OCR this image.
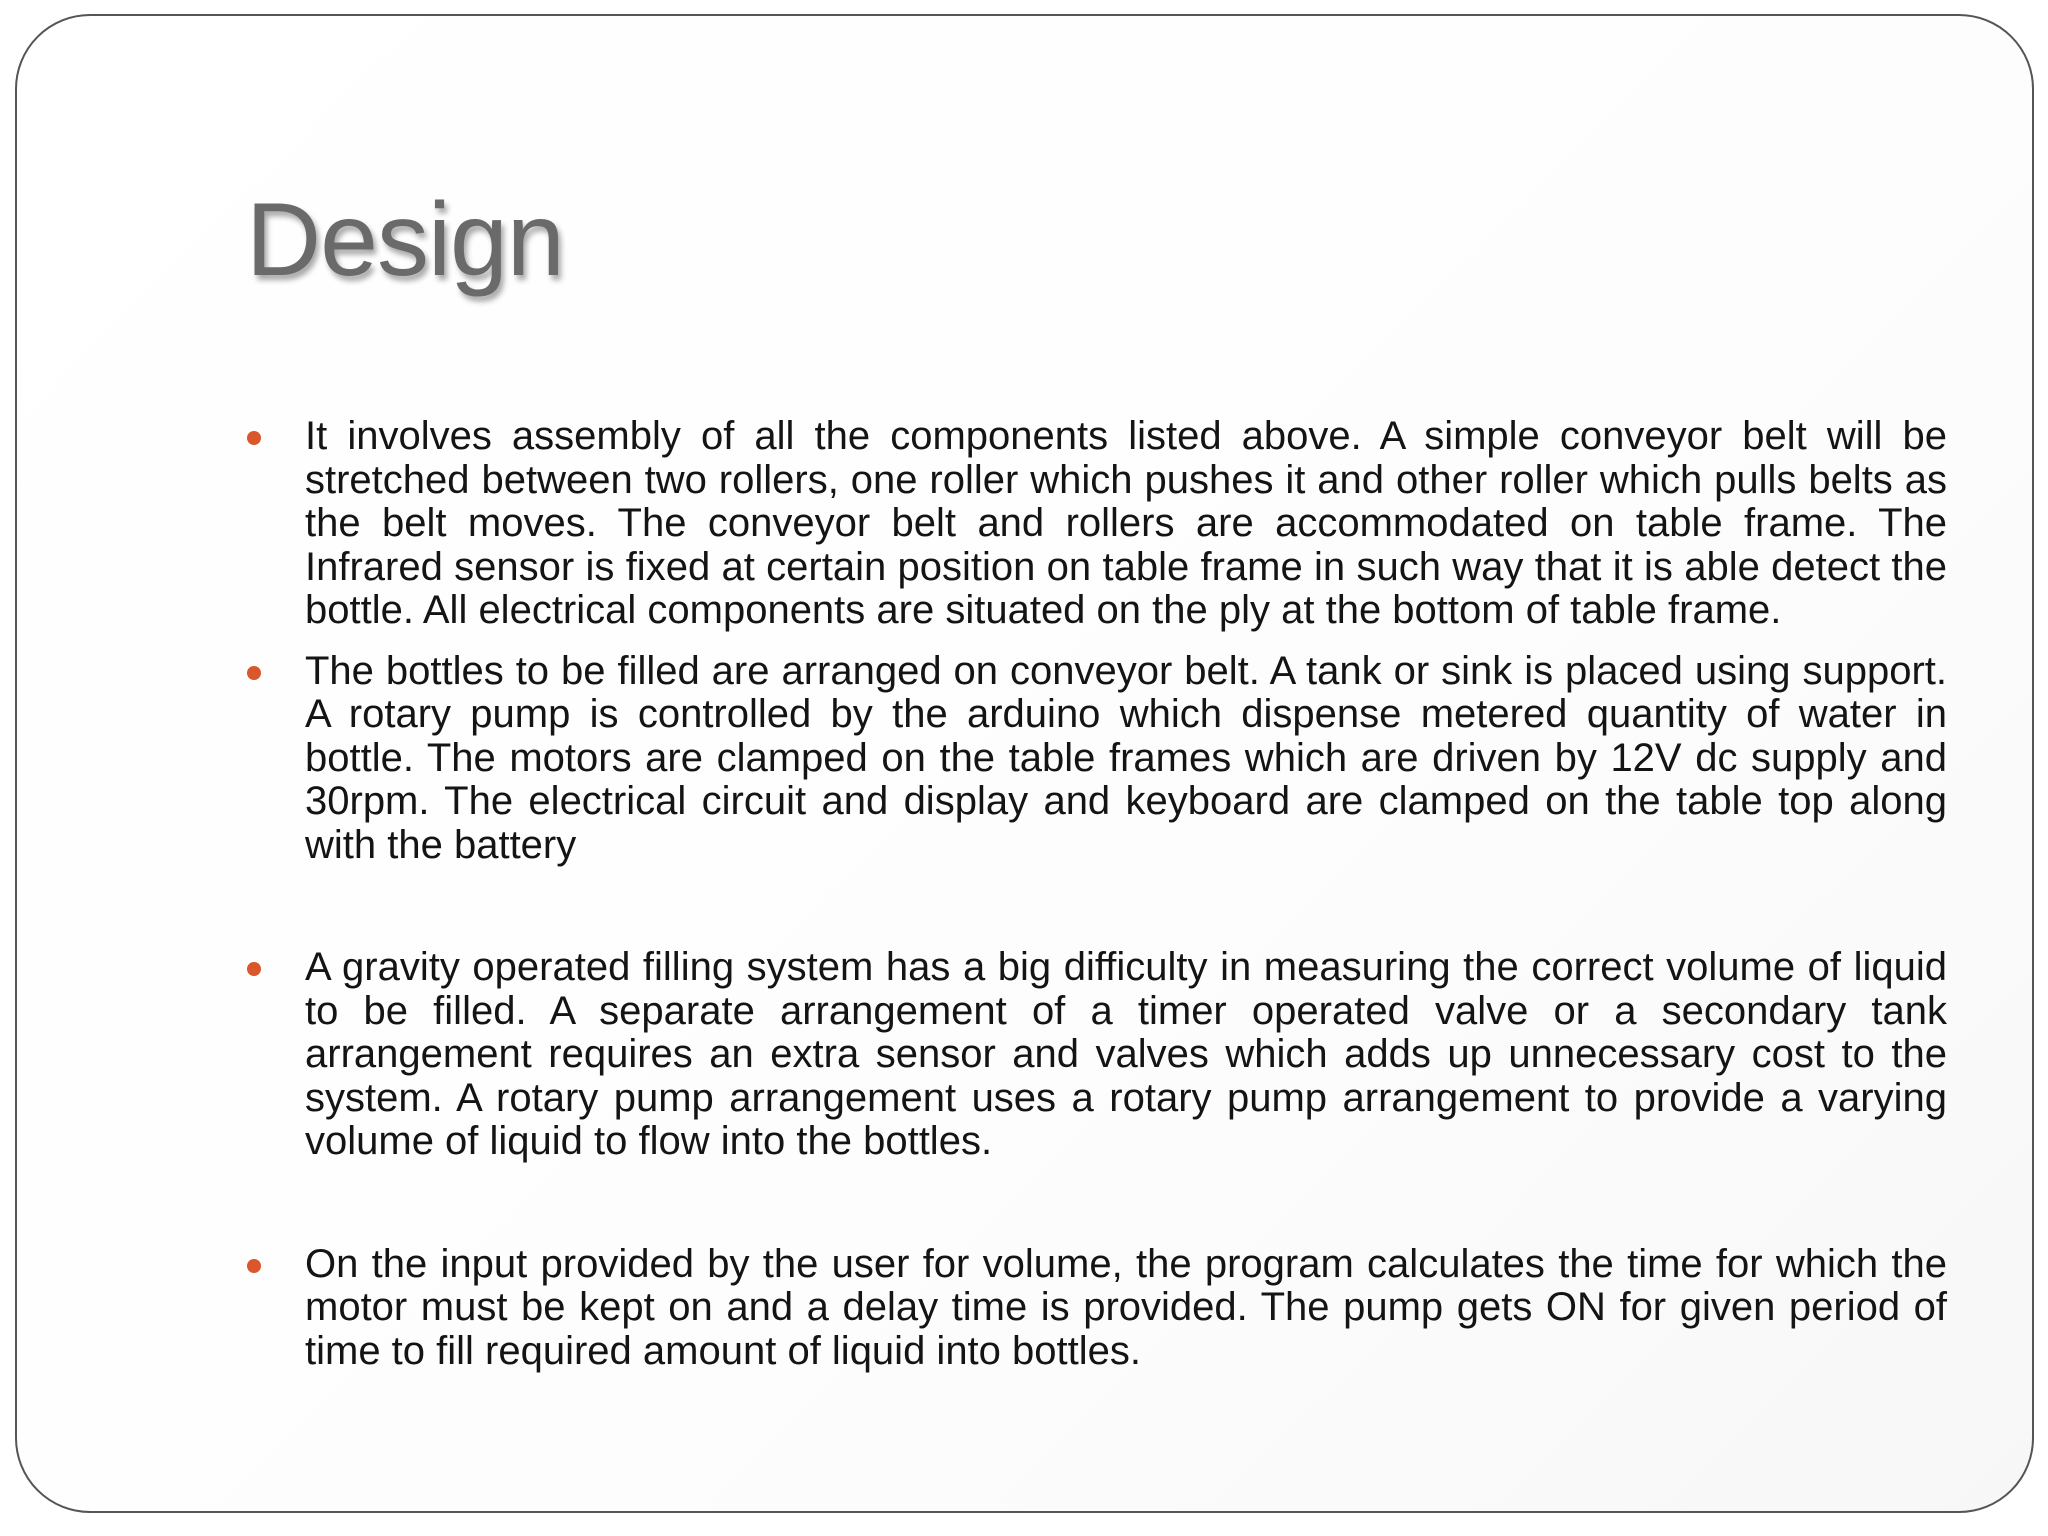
Design
It involves assembly of all the components listed above. A simple conveyor belt will be stretched between two rollers, one roller which pushes it and other roller which pulls belts as the belt moves. The conveyor belt and rollers are accommodated on table frame. The Infrared sensor is fixed at certain position on table frame in such way that it is able detect the bottle. All electrical components are situated on the ply at the bottom of table frame.
The bottles to be filled are arranged on conveyor belt. A tank or sink is placed using support. A rotary pump is controlled by the arduino which dispense metered quantity of water in bottle. The motors are clamped on the table frames which are driven by 12V dc supply and 30rpm. The electrical circuit and display and keyboard are clamped on the table top along with the battery
A gravity operated filling system has a big difficulty in measuring the correct volume of liquid to be filled. A separate arrangement of a timer operated valve or a secondary tank arrangement requires an extra sensor and valves which adds up unnecessary cost to the system. A rotary pump arrangement uses a rotary pump arrangement to provide a varying volume of liquid to flow into the bottles.
On the input provided by the user for volume, the program calculates the time for which the motor must be kept on and a delay time is provided. The pump gets ON for given period of time to fill required amount of liquid into bottles.
